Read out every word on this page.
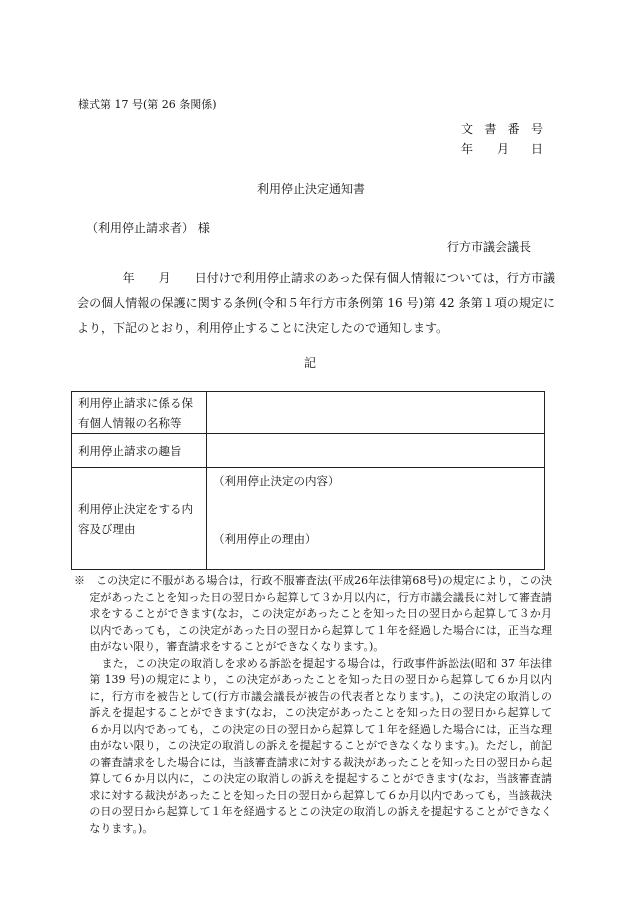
様式第 17 号(第 26 条関係)
文 書 番 号
年 月 日
利用停止決定通知書
（利用停止請求者） 様
行方市議会議長

年　　月　　日付けで利用停止請求のあった保有個人情報については，行方市議会の個人情報の保護に関する条例(令和５年行方市条例第 16 号)第 42 条第１項の規定により，下記のとおり，利用停止することに決定したので通知します。

記
利用停止請求に係る保有個人情報の名称等	
利用停止請求の趣旨	
利用停止決定をする内容及び理由	（利用停止決定の内容）
（利用停止の理由）

※　 この決定に不服がある場合は，行政不服審査法(平成26年法律第68号)の規定により，この決定があったことを知った日の翌日から起算して３か月以内に，行方市議会議長に対して審査請求をすることができます(なお，この決定があったことを知った日の翌日から起算して３か月以内であっても，この決定があった日の翌日から起算して１年を経過した場合には，正当な理由がない限り，審査請求をすることができなくなります。)。

また，この決定の取消しを求める訴訟を提起する場合は，行政事件訴訟法(昭和 37 年法律第 139 号)の規定により，この決定があったことを知った日の翌日から起算して６か月以内に，行方市を被告として(行方市議会議長が被告の代表者となります。)，この決定の取消しの訴えを提起することができます(なお，この決定があったことを知った日の翌日から起算して６か月以内であっても，この決定の日の翌日から起算して１年を経過した場合には，正当な理由がない限り，この決定の取消しの訴えを提起することができなくなります。)。ただし，前記の審査請求をした場合には，当該審査請求に対する裁決があったことを知った日の翌日から起算して６か月以内に，この決定の取消しの訴えを提起することができます(なお，当該審査請求に対する裁決があったことを知った日の翌日から起算して６か月以内であっても，当該裁決の日の翌日から起算して１年を経過するとこの決定の取消しの訴えを提起することができなくなります。)。
